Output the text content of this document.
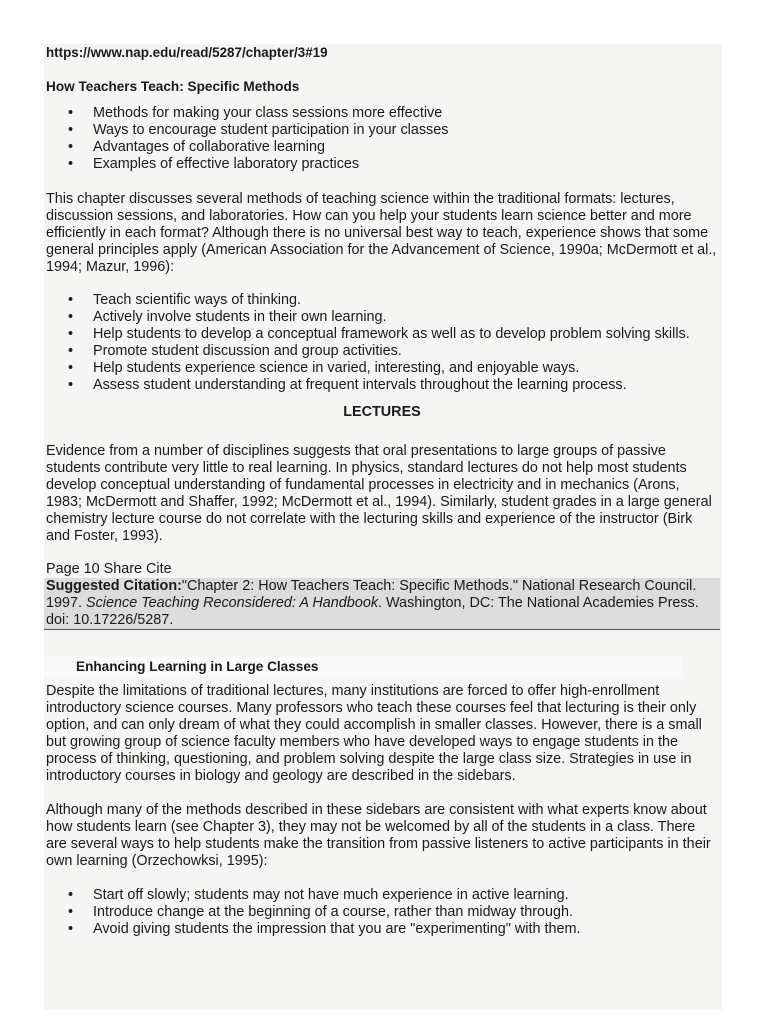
https://www.nap.edu/read/5287/chapter/3#19
How Teachers Teach: Specific Methods
• Methods for making your class sessions more effective
• Ways to encourage student participation in your classes
• Advantages of collaborative learning
• Examples of effective laboratory practices

This chapter discusses several methods of teaching science within the traditional formats: lectures, discussion sessions, and laboratories. How can you help your students learn science better and more efficiently in each format? Although there is no universal best way to teach, experience shows that some general principles apply (American Association for the Advancement of Science, 1990a; McDermott et al., 1994; Mazur, 1996):

• Teach scientific ways of thinking.
• Actively involve students in their own learning.
• Help students to develop a conceptual framework as well as to develop problem solving skills.
• Promote student discussion and group activities.
• Help students experience science in varied, interesting, and enjoyable ways.
• Assess student understanding at frequent intervals throughout the learning process.
LECTURES

Evidence from a number of disciplines suggests that oral presentations to large groups of passive students contribute very little to real learning. In physics, standard lectures do not help most students develop conceptual understanding of fundamental processes in electricity and in mechanics (Arons, 1983; McDermott and Shaffer, 1992; McDermott et al., 1994). Similarly, student grades in a large general chemistry lecture course do not correlate with the lecturing skills and experience of the instructor (Birk and Foster, 1993).

Page 10 Share Cite
Suggested Citation:"Chapter 2: How Teachers Teach: Specific Methods." National Research Council. 1997. Science Teaching Reconsidered: A Handbook. Washington, DC: The National Academies Press. doi: 10.17226/5287.
Enhancing Learning in Large Classes

Despite the limitations of traditional lectures, many institutions are forced to offer high-enrollment introductory science courses. Many professors who teach these courses feel that lecturing is their only option, and can only dream of what they could accomplish in smaller classes. However, there is a small but growing group of science faculty members who have developed ways to engage students in the process of thinking, questioning, and problem solving despite the large class size. Strategies in use in introductory courses in biology and geology are described in the sidebars.

Although many of the methods described in these sidebars are consistent with what experts know about how students learn (see Chapter 3), they may not be welcomed by all of the students in a class. There are several ways to help students make the transition from passive listeners to active participants in their own learning (Orzechowksi, 1995):

• Start off slowly; students may not have much experience in active learning.
• Introduce change at the beginning of a course, rather than midway through.
• Avoid giving students the impression that you are "experimenting" with them.
